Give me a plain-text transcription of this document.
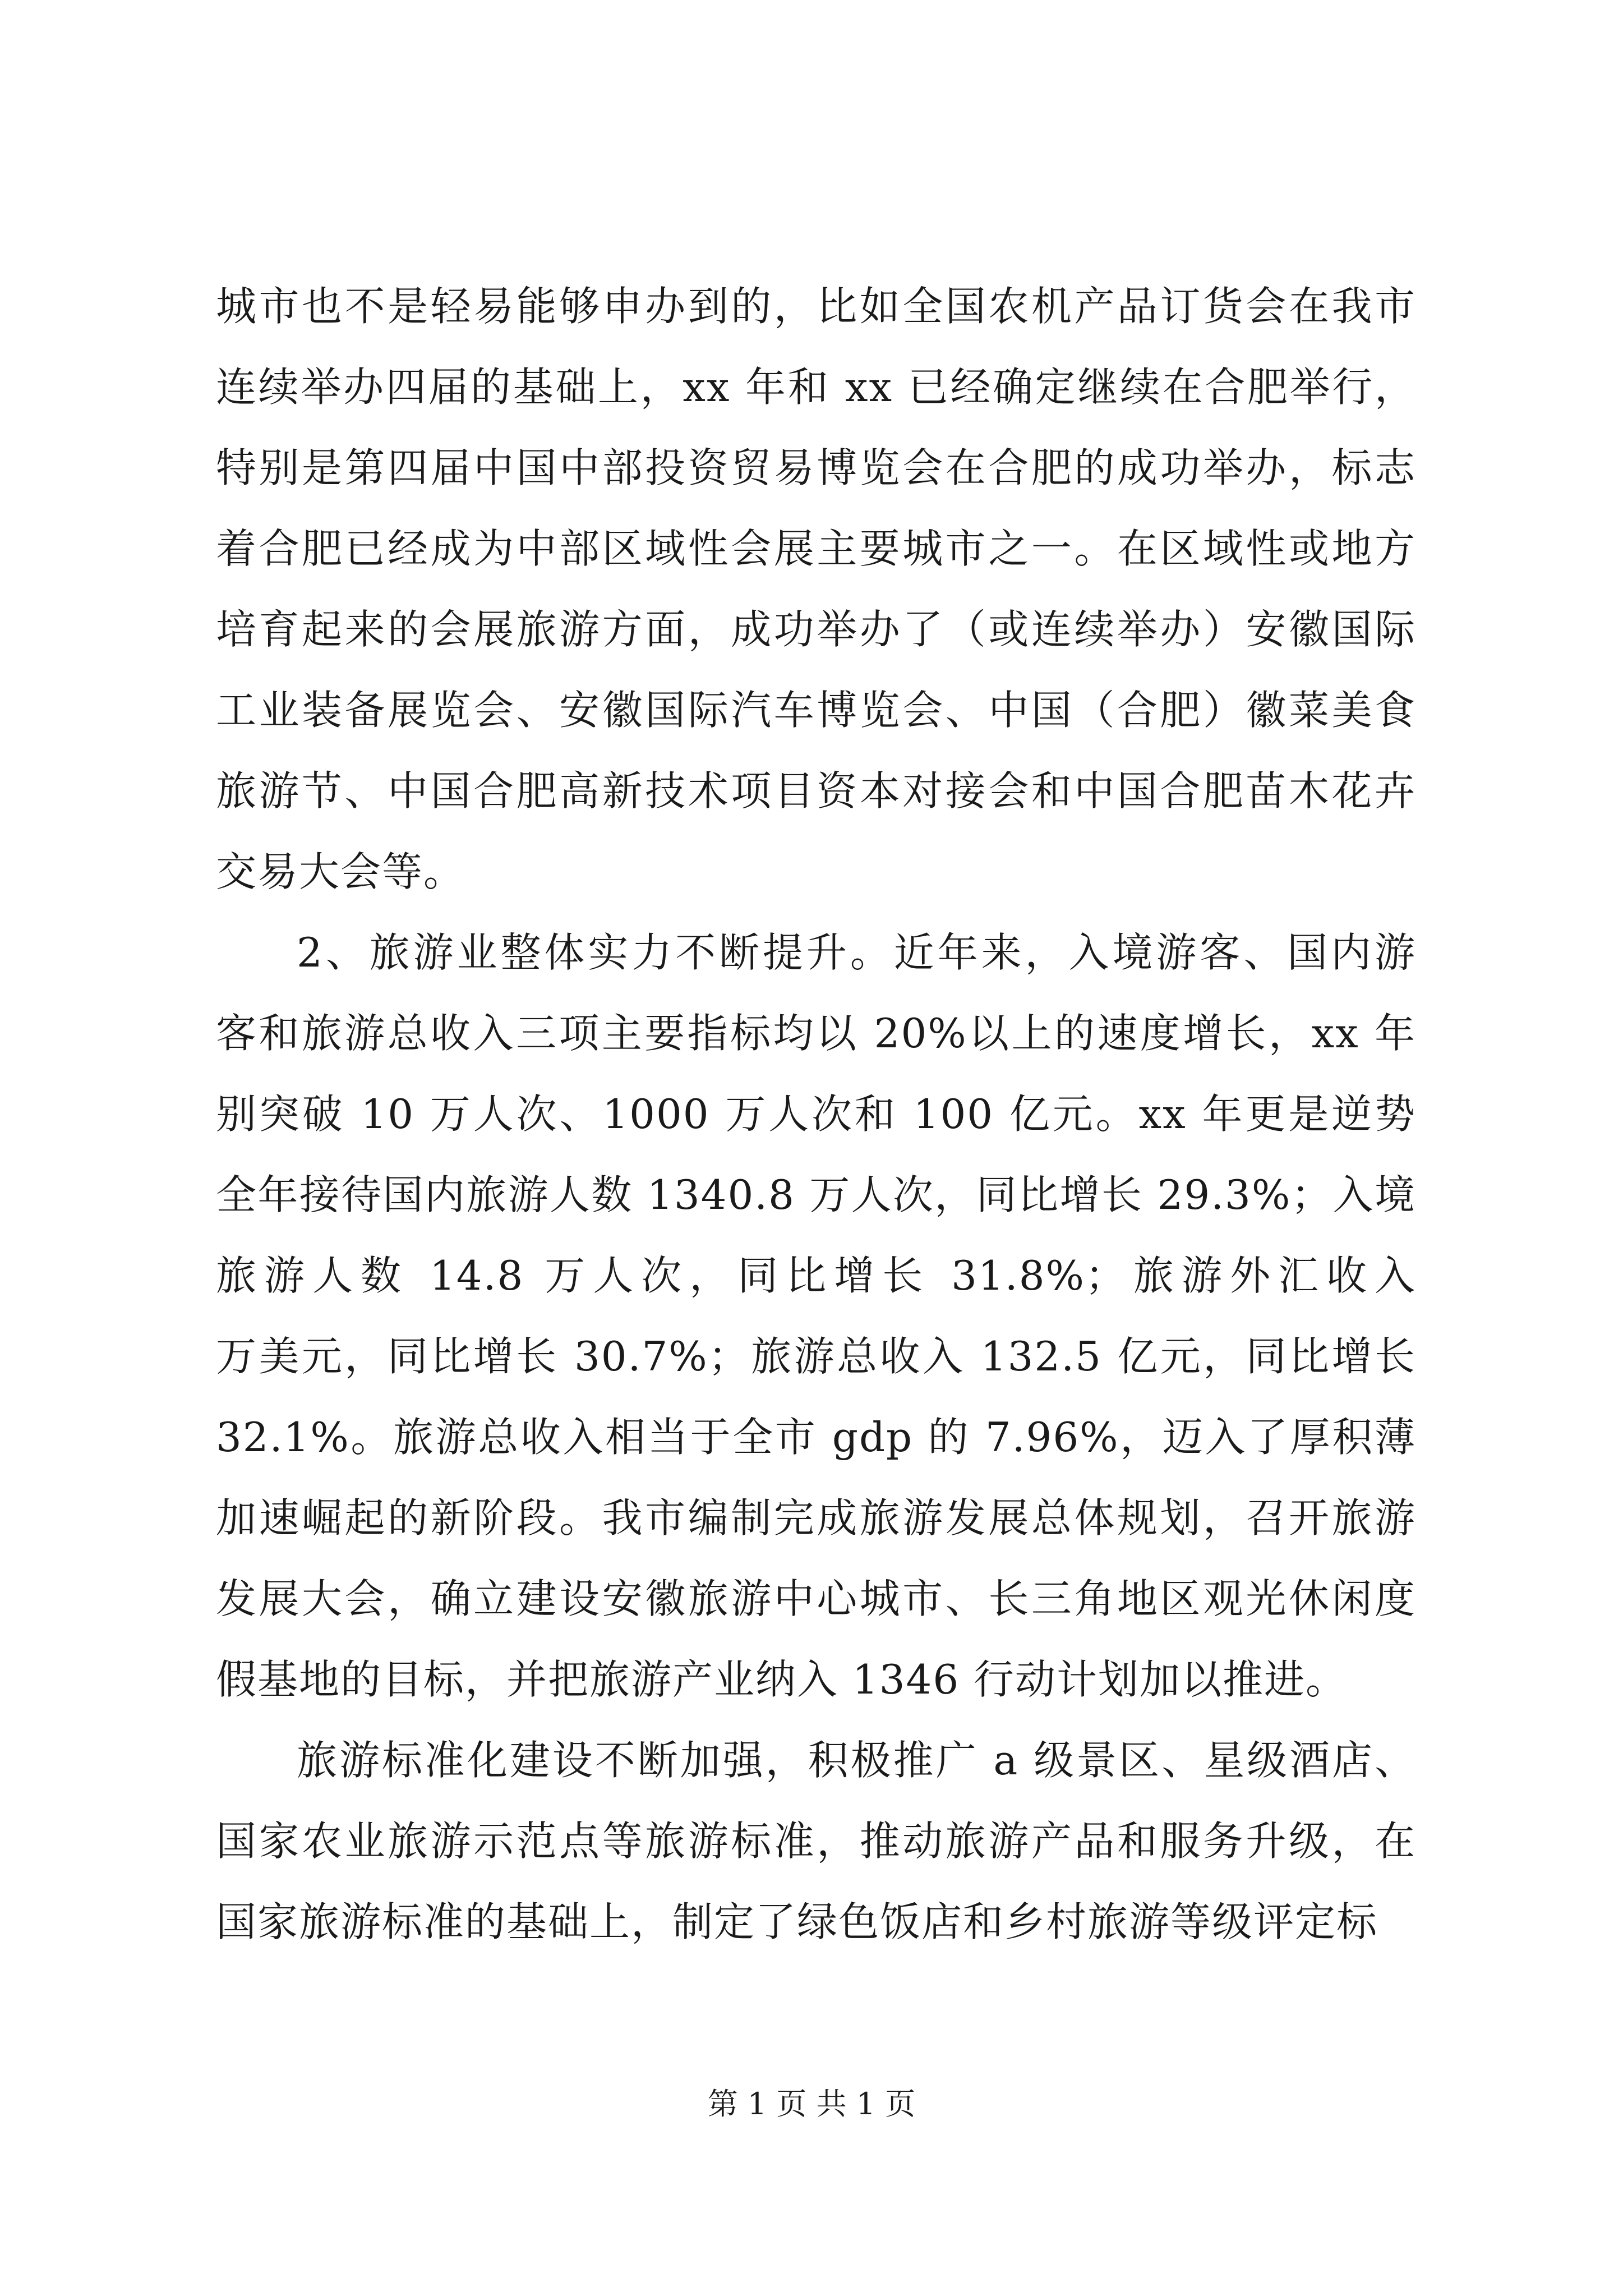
城市也不是轻易能够申办到的，比如全国农机产品订货会在我市
连续举办四届的基础上，xx 年和 xx 已经确定继续在合肥举行，
特别是第四届中国中部投资贸易博览会在合肥的成功举办，标志
着合肥已经成为中部区域性会展主要城市之一。在区域性或地方
培育起来的会展旅游方面，成功举办了（或连续举办）安徽国际
工业装备展览会、安徽国际汽车博览会、中国（合肥）徽菜美食
旅游节、中国合肥高新技术项目资本对接会和中国合肥苗木花卉
交易大会等。
2、旅游业整体实力不断提升。近年来，入境游客、国内游
客和旅游总收入三项主要指标均以 20%以上的速度增长，xx 年
别突破 10 万人次、1000 万人次和 100 亿元。xx 年更是逆势
全年接待国内旅游人数 1340.8 万人次，同比增长 29.3%；入境
旅游人数 14.8 万人次，同比增长 31.8%；旅游外汇收入
万美元，同比增长 30.7%；旅游总收入 132.5 亿元，同比增长
32.1%。旅游总收入相当于全市 gdp 的 7.96%，迈入了厚积薄
加速崛起的新阶段。我市编制完成旅游发展总体规划，召开旅游
发展大会，确立建设安徽旅游中心城市、长三角地区观光休闲度
假基地的目标，并把旅游产业纳入 1346 行动计划加以推进。
旅游标准化建设不断加强，积极推广 a 级景区、星级酒店、
国家农业旅游示范点等旅游标准，推动旅游产品和服务升级，在
国家旅游标准的基础上，制定了绿色饭店和乡村旅游等级评定标
第 1 页 共 1 页
